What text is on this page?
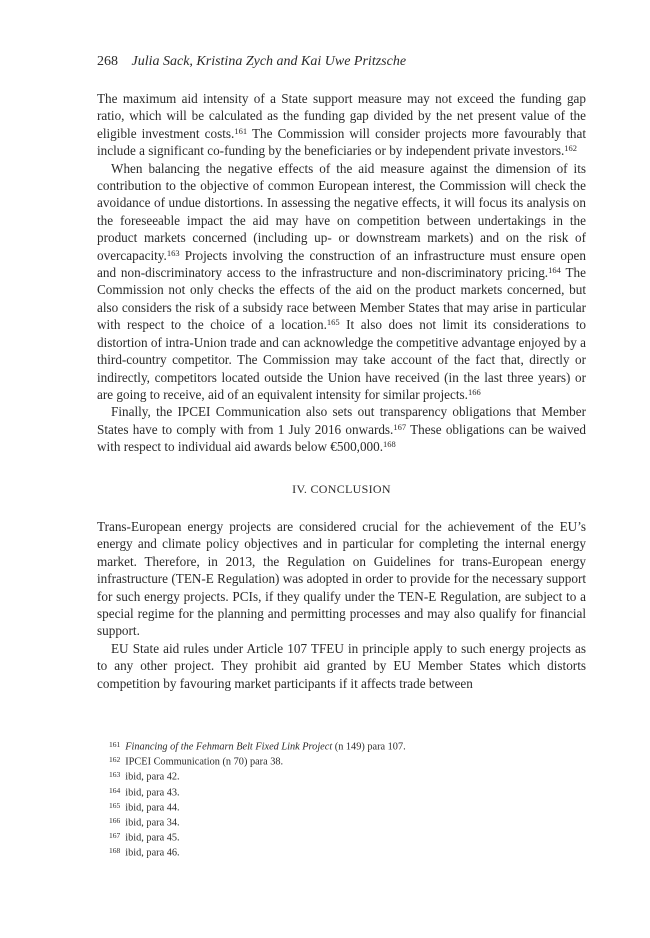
268 Julia Sack, Kristina Zych and Kai Uwe Pritzsche

The maximum aid intensity of a State support measure may not exceed the funding gap ratio, which will be calculated as the funding gap divided by the net present value of the eligible investment costs.$^{161}$ The Commission will consider projects more favourably that include a significant co-funding by the beneficiaries or by independent private investors.$^{162}$

When balancing the negative effects of the aid measure against the dimension of its contribution to the objective of common European interest, the Commission will check the avoidance of undue distortions. In assessing the negative effects, it will focus its analysis on the foreseeable impact the aid may have on competition between undertakings in the product markets concerned (including up- or downstream markets) and on the risk of overcapacity.$^{163}$ Projects involving the construction of an infrastructure must ensure open and non-discriminatory access to the infrastructure and non-discriminatory pricing.$^{164}$ The Commission not only checks the effects of the aid on the product markets concerned, but also considers the risk of a subsidy race between Member States that may arise in particular with respect to the choice of a location.$^{165}$ It also does not limit its considerations to distortion of intra-Union trade and can acknowledge the competitive advantage enjoyed by a third-country competitor. The Commission may take account of the fact that, directly or indirectly, competitors located outside the Union have received (in the last three years) or are going to receive, aid of an equivalent intensity for similar projects.$^{166}$

Finally, the IPCEI Communication also sets out transparency obligations that Member States have to comply with from 1 July 2016 onwards.$^{167}$ These obligations can be waived with respect to individual aid awards below €500,000.$^{168}$

IV. CONCLUSION

Trans-European energy projects are considered crucial for the achievement of the EU’s energy and climate policy objectives and in particular for completing the internal energy market. Therefore, in 2013, the Regulation on Guidelines for trans-European energy infrastructure (TEN-E Regulation) was adopted in order to provide for the necessary support for such energy projects. PCIs, if they qualify under the TEN-E Regulation, are subject to a special regime for the planning and permitting processes and may also qualify for financial support.

EU State aid rules under Article 107 TFEU in principle apply to such energy projects as to any other project. They prohibit aid granted by EU Member States which distorts competition by favouring market participants if it affects trade between

$^{161}$ Financing of the Fehmarn Belt Fixed Link Project (n 149) para 107.
$^{162}$ IPCEI Communication (n 70) para 38.
$^{163}$ ibid, para 42.
$^{164}$ ibid, para 43.
$^{165}$ ibid, para 44.
$^{166}$ ibid, para 34.
$^{167}$ ibid, para 45.
$^{168}$ ibid, para 46.
